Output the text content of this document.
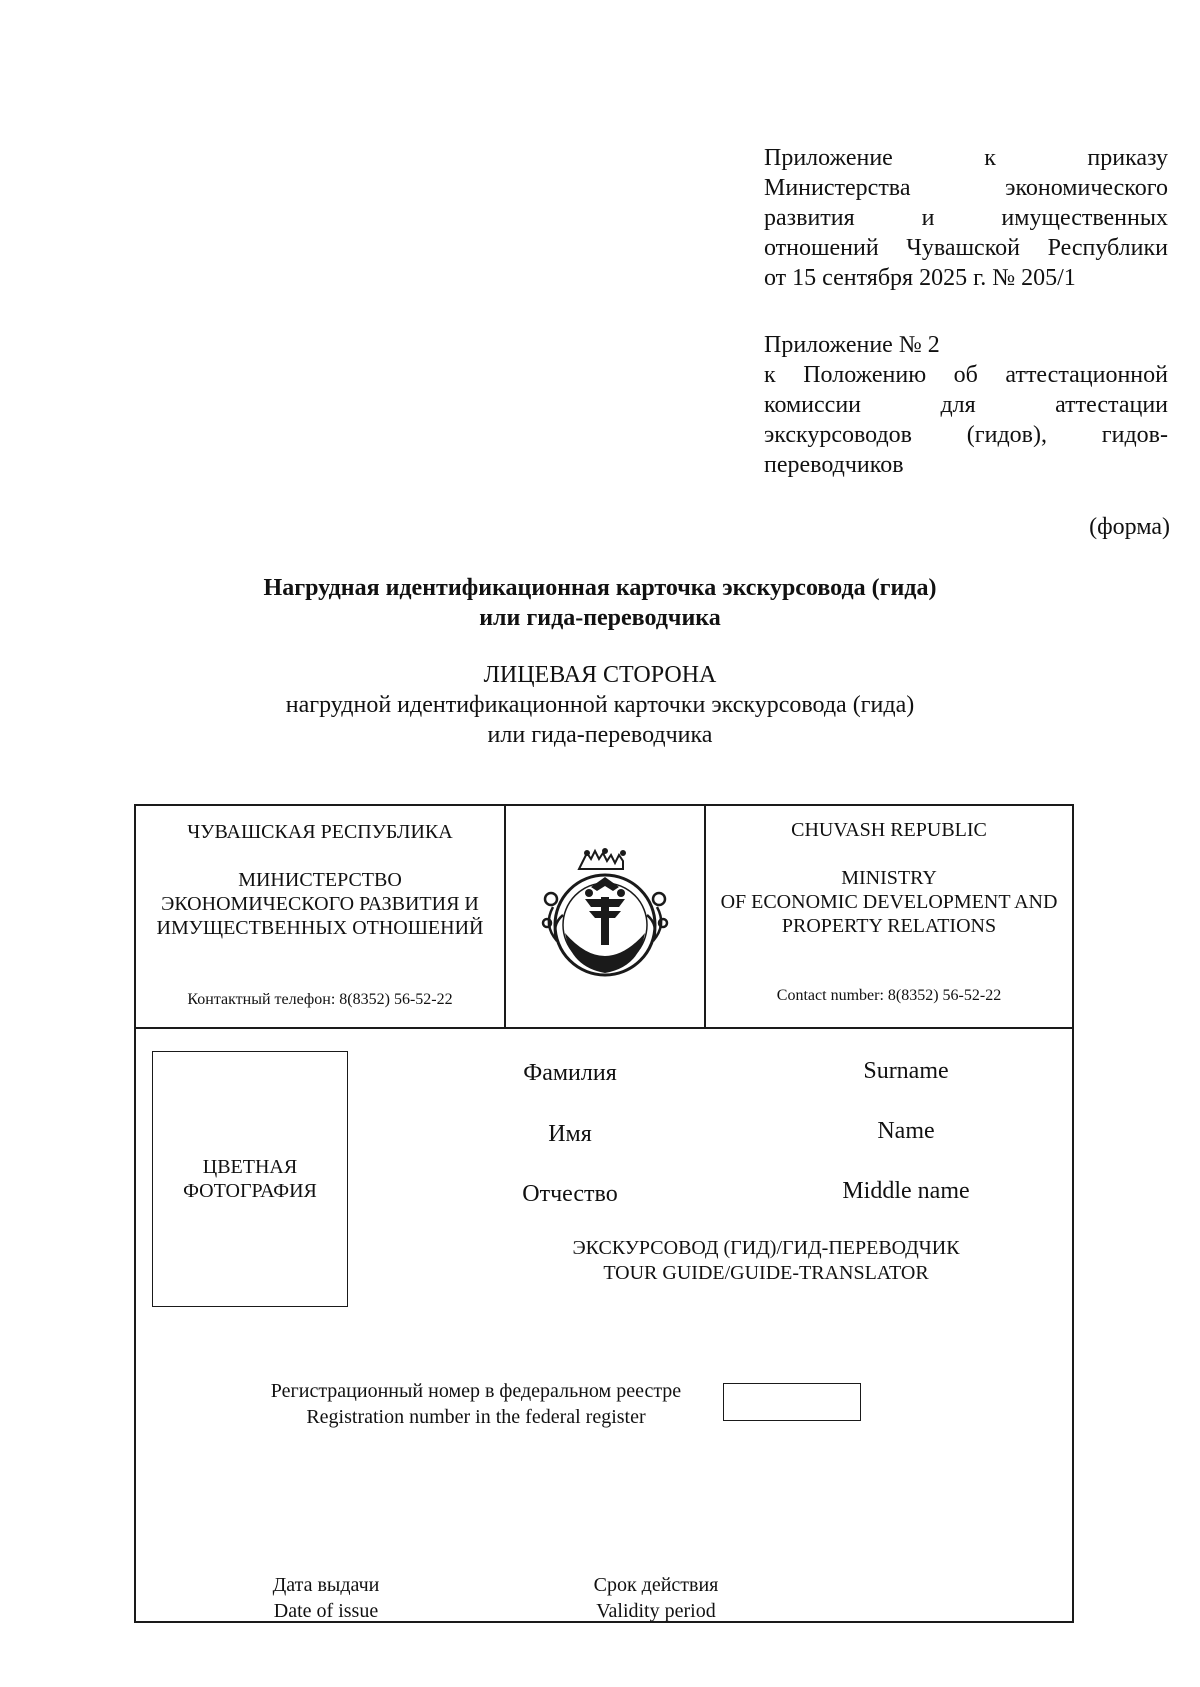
Приложение к приказу
Министерства экономического
развития и имущественных
отношений Чувашской Республики
от 15 сентября 2025 г. № 205/1
Приложение № 2
к Положению об аттестационной
комиссии для аттестации
экскурсоводов (гидов), гидов-
переводчиков
(форма)
Нагрудная идентификационная карточка экскурсовода (гида)
или гида-переводчика
ЛИЦЕВАЯ СТОРОНА
нагрудной идентификационной карточки экскурсовода (гида)
или гида-переводчика
ЧУВАШСКАЯ РЕСПУБЛИКА
МИНИСТЕРСТВО
ЭКОНОМИЧЕСКОГО РАЗВИТИЯ И
ИМУЩЕСТВЕННЫХ ОТНОШЕНИЙ
Контактный телефон: 8(8352) 56-52-22
CHUVASH REPUBLIC
MINISTRY
OF ECONOMIC DEVELOPMENT AND
PROPERTY RELATIONS
Contact number: 8(8352) 56-52-22
ЦВЕТНАЯ
ФОТОГРАФИЯ
Фамилия
Имя
Отчество
Surname
Name
Middle name
ЭКСКУРСОВОД (ГИД)/ГИД-ПЕРЕВОДЧИК
TOUR GUIDE/GUIDE-TRANSLATOR
Регистрационный номер в федеральном реестре
Registration number in the federal register
Дата выдачи
Date of issue
Срок действия
Validity period
